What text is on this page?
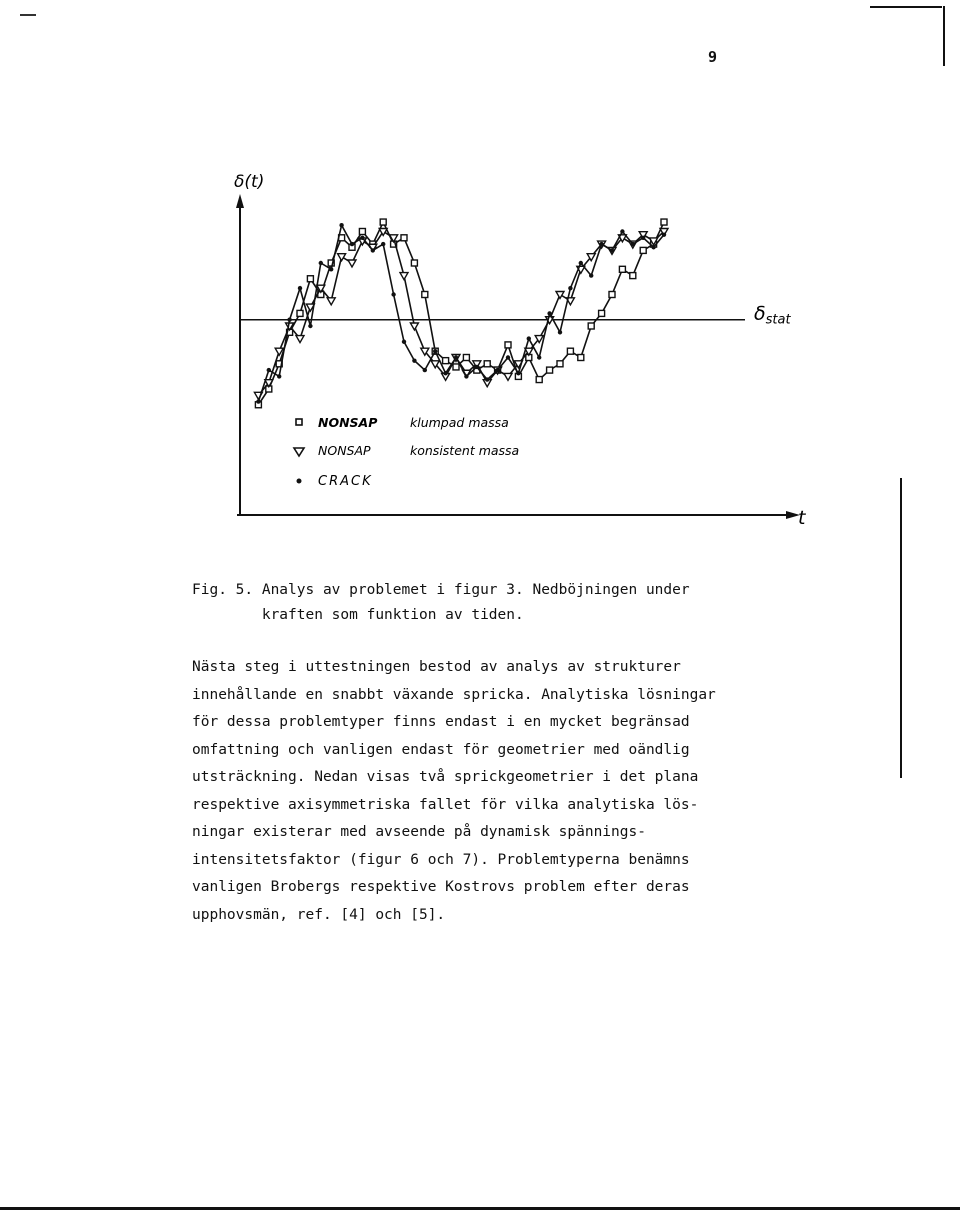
9
δ(t)
t
$\delta_{stat}$
NONSAP	klumpad massa
NONSAP	konsistent massa
CRACK
Fig. 5. Analys av problemet i figur 3. Nedböjningen under
kraften som funktion av tiden.
Nästa steg i uttestningen bestod av analys av strukturer
innehållande en snabbt växande spricka. Analytiska lösningar
för dessa problemtyper finns endast i en mycket begränsad
omfattning och vanligen endast för geometrier med oändlig
utsträckning. Nedan visas två sprickgeometrier i det plana
respektive axisymmetriska fallet för vilka analytiska lös-
ningar existerar med avseende på dynamisk spännings-
intensitetsfaktor (figur 6 och 7). Problemtyperna benämns
vanligen Brobergs respektive Kostrovs problem efter deras
upphovsmän, ref. [4] och [5].
